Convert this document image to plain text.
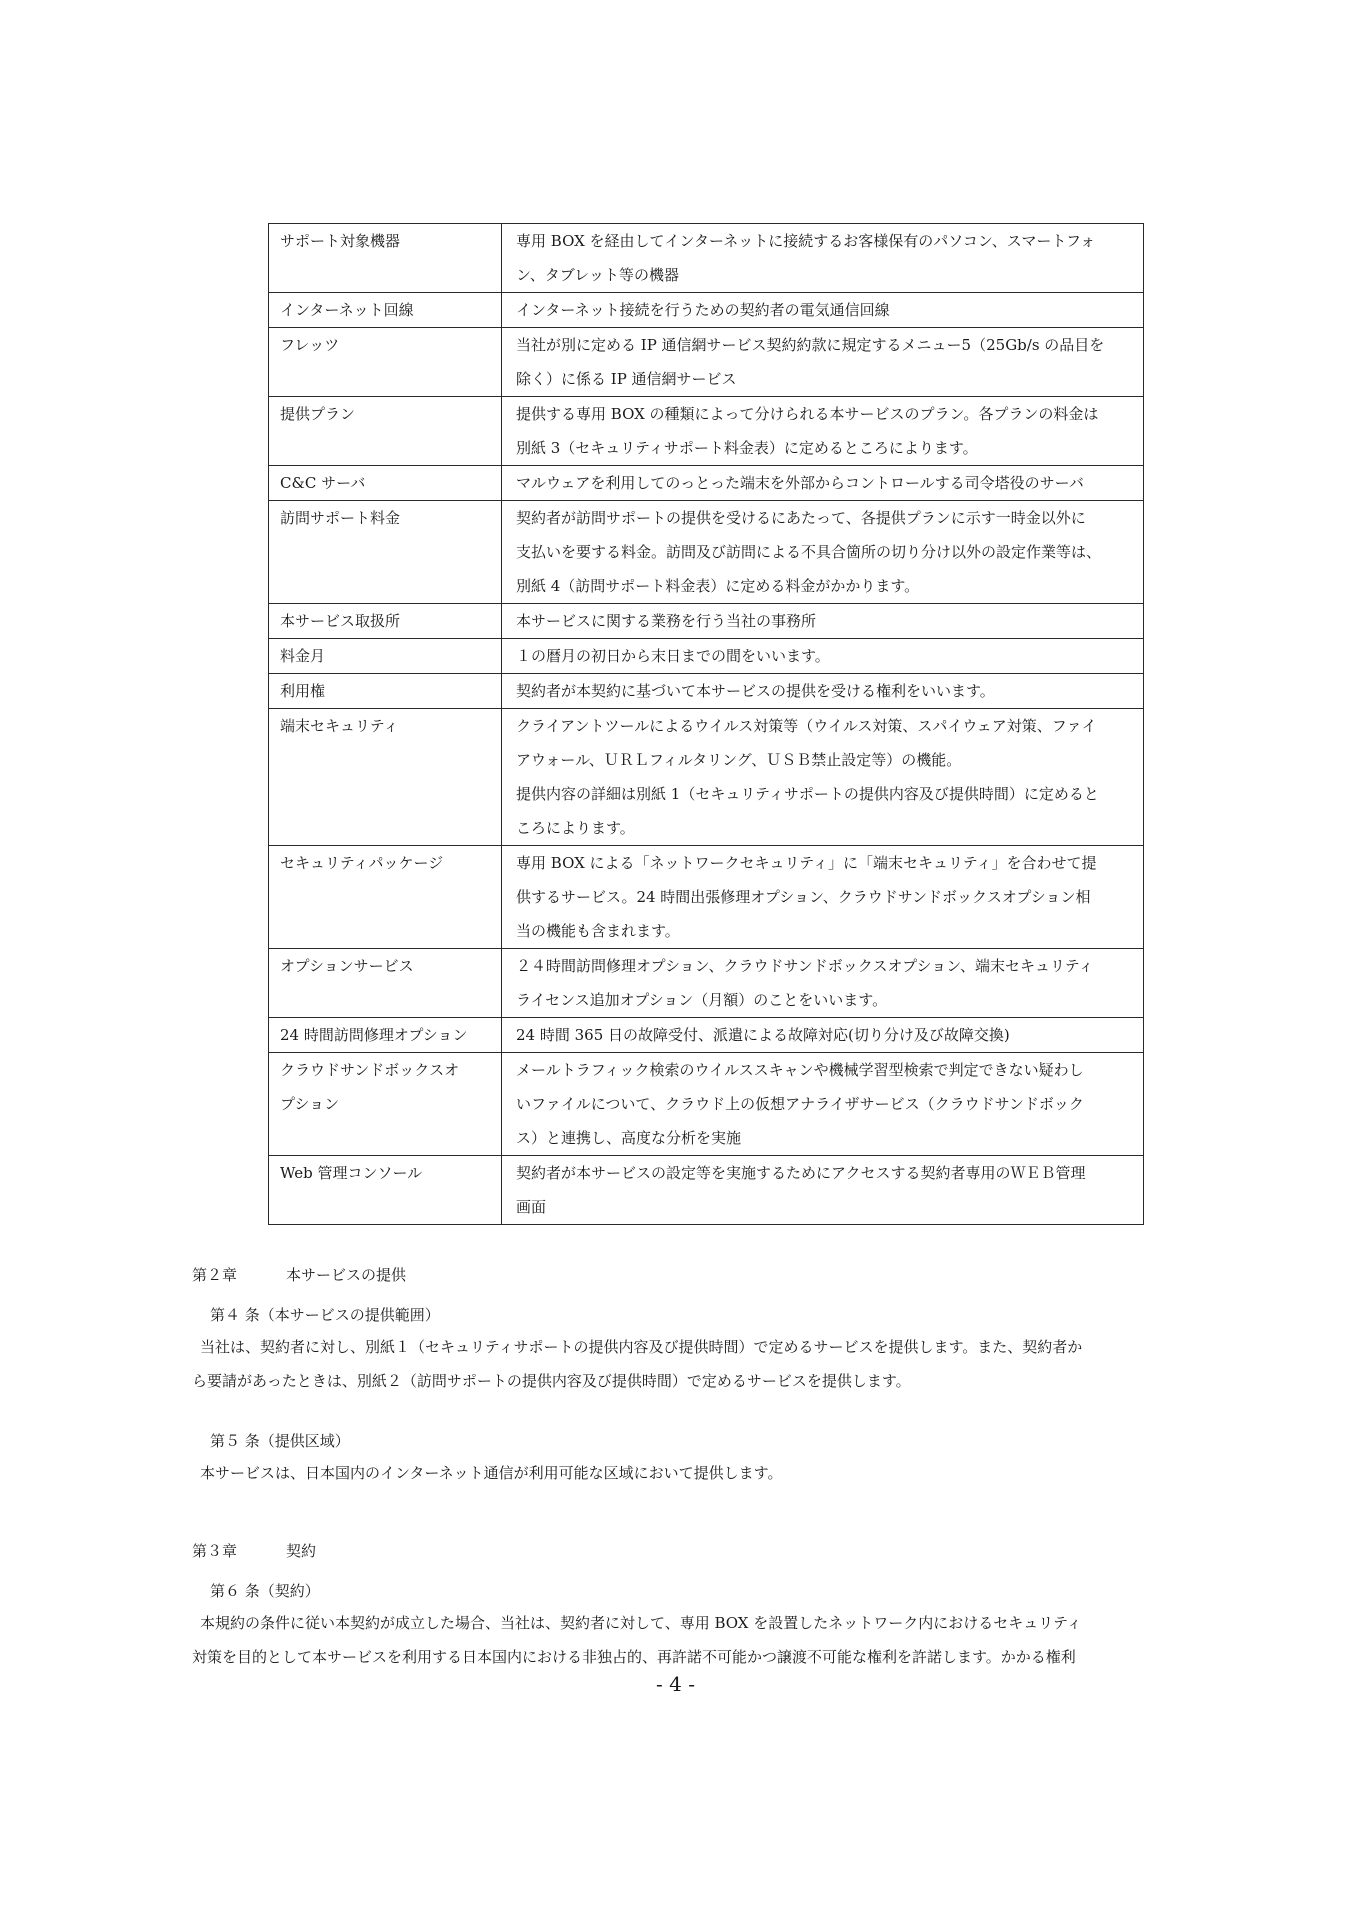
サポート対象機器	専用 BOX を経由してインターネットに接続するお客様保有のパソコン、スマートフォ
ン、タブレット等の機器

インターネット回線	インターネット接続を行うための契約者の電気通信回線

フレッツ	当社が別に定める IP 通信網サービス契約約款に規定するメニュー5（25Gb/s の品目を
除く）に係る IP 通信網サービス

提供プラン	提供する専用 BOX の種類によって分けられる本サービスのプラン。各プランの料金は
別紙 3（セキュリティサポート料金表）に定めるところによります。

C&C サーバ	マルウェアを利用してのっとった端末を外部からコントロールする司令塔役のサーバ

訪問サポート料金	契約者が訪問サポートの提供を受けるにあたって、各提供プランに示す一時金以外に
支払いを要する料金。訪問及び訪問による不具合箇所の切り分け以外の設定作業等は、
別紙 4（訪問サポート料金表）に定める料金がかかります。

本サービス取扱所	本サービスに関する業務を行う当社の事務所

料金月	１の暦月の初日から末日までの間をいいます。

利用権	契約者が本契約に基づいて本サービスの提供を受ける権利をいいます。

端末セキュリティ	クライアントツールによるウイルス対策等（ウイルス対策、スパイウェア対策、ファイ
アウォール、ＵＲＬフィルタリング、ＵＳＢ禁止設定等）の機能。
提供内容の詳細は別紙 1（セキュリティサポートの提供内容及び提供時間）に定めると
ころによります。

セキュリティパッケージ	専用 BOX による「ネットワークセキュリティ」に「端末セキュリティ」を合わせて提
供するサービス。24 時間出張修理オプション、クラウドサンドボックスオプション相
当の機能も含まれます。

オプションサービス	２４時間訪問修理オプション、クラウドサンドボックスオプション、端末セキュリティ
ライセンス追加オプション（月額）のことをいいます。

24 時間訪問修理オプション	24 時間 365 日の故障受付、派遣による故障対応(切り分け及び故障交換)

クラウドサンドボックスオ
プション	メールトラフィック検索のウイルススキャンや機械学習型検索で判定できない疑わし
いファイルについて、クラウド上の仮想アナライザサービス（クラウドサンドボック
ス）と連携し、高度な分析を実施

Web 管理コンソール	契約者が本サービスの設定等を実施するためにアクセスする契約者専用のＷＥＢ管理
画面
第２章	本サービスの提供
第４ 条（本サービスの提供範囲）
当社は、契約者に対し、別紙１（セキュリティサポートの提供内容及び提供時間）で定めるサービスを提供します。また、契約者か
ら要請があったときは、別紙２（訪問サポートの提供内容及び提供時間）で定めるサービスを提供します。
第５ 条（提供区域）
本サービスは、日本国内のインターネット通信が利用可能な区域において提供します。
第３章	契約
第６ 条（契約）
本規約の条件に従い本契約が成立した場合、当社は、契約者に対して、専用 BOX を設置したネットワーク内におけるセキュリティ
対策を目的として本サービスを利用する日本国内における非独占的、再許諾不可能かつ譲渡不可能な権利を許諾します。かかる権利
- 4 -
